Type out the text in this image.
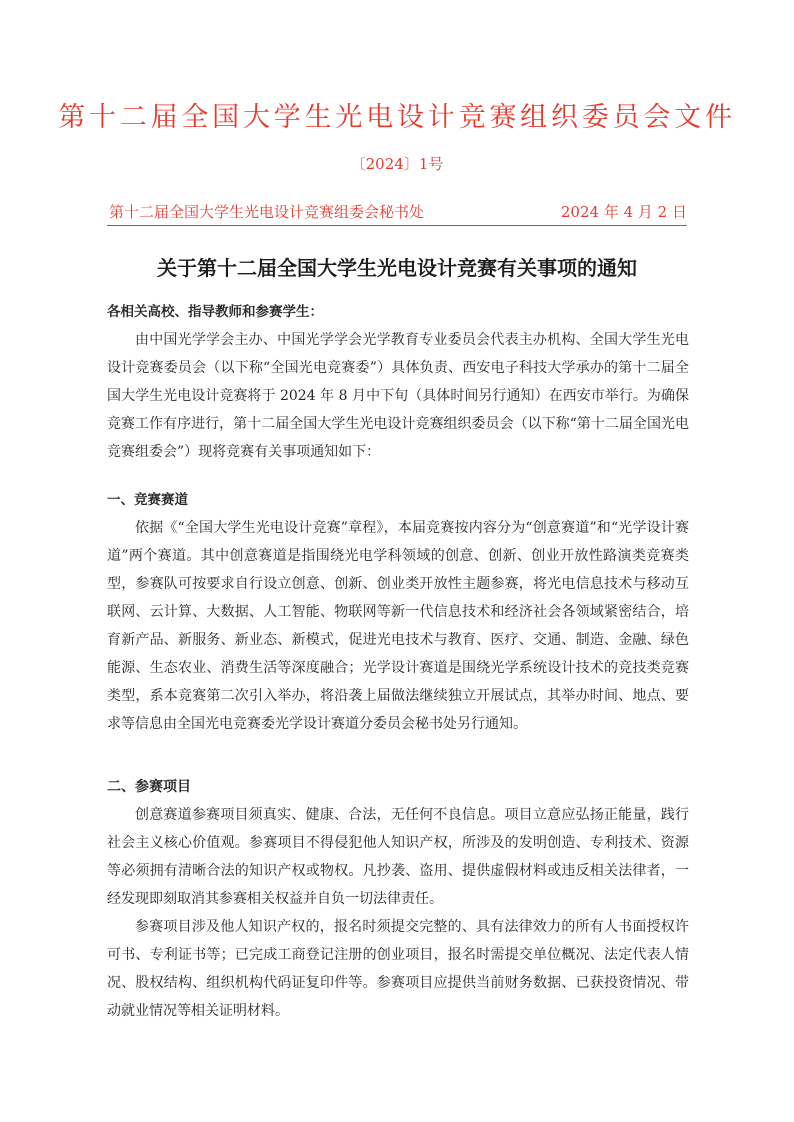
第十二届全国大学生光电设计竞赛组织委员会文件
〔2024〕1号
第十二届全国大学生光电设计竞赛组委会秘书处	2024 年 4 月 2 日
关于第十二届全国大学生光电设计竞赛有关事项的通知

各相关高校、指导教师和参赛学生：

由中国光学学会主办、中国光学学会光学教育专业委员会代表主办机构、全国大学生光电设计竞赛委员会（以下称“全国光电竞赛委”）具体负责、西安电子科技大学承办的第十二届全国大学生光电设计竞赛将于 2024 年 8 月中下旬（具体时间另行通知）在西安市举行。为确保竞赛工作有序进行，第十二届全国大学生光电设计竞赛组织委员会（以下称“第十二届全国光电竞赛组委会”）现将竞赛有关事项通知如下：

一、竞赛赛道

依据《“全国大学生光电设计竞赛”章程》，本届竞赛按内容分为“创意赛道”和“光学设计赛道”两个赛道。其中创意赛道是指围绕光电学科领域的创意、创新、创业开放性路演类竞赛类型，参赛队可按要求自行设立创意、创新、创业类开放性主题参赛，将光电信息技术与移动互联网、云计算、大数据、人工智能、物联网等新一代信息技术和经济社会各领域紧密结合，培育新产品、新服务、新业态、新模式，促进光电技术与教育、医疗、交通、制造、金融、绿色能源、生态农业、消费生活等深度融合；光学设计赛道是围绕光学系统设计技术的竞技类竞赛类型，系本竞赛第二次引入举办，将沿袭上届做法继续独立开展试点，其举办时间、地点、要求等信息由全国光电竞赛委光学设计赛道分委员会秘书处另行通知。

二、参赛项目

创意赛道参赛项目须真实、健康、合法，无任何不良信息。项目立意应弘扬正能量，践行社会主义核心价值观。参赛项目不得侵犯他人知识产权，所涉及的发明创造、专利技术、资源等必须拥有清晰合法的知识产权或物权。凡抄袭、盗用、提供虚假材料或违反相关法律者，一经发现即刻取消其参赛相关权益并自负一切法律责任。

参赛项目涉及他人知识产权的，报名时须提交完整的、具有法律效力的所有人书面授权许可书、专利证书等；已完成工商登记注册的创业项目，报名时需提交单位概况、法定代表人情况、股权结构、组织机构代码证复印件等。参赛项目应提供当前财务数据、已获投资情况、带动就业情况等相关证明材料。
